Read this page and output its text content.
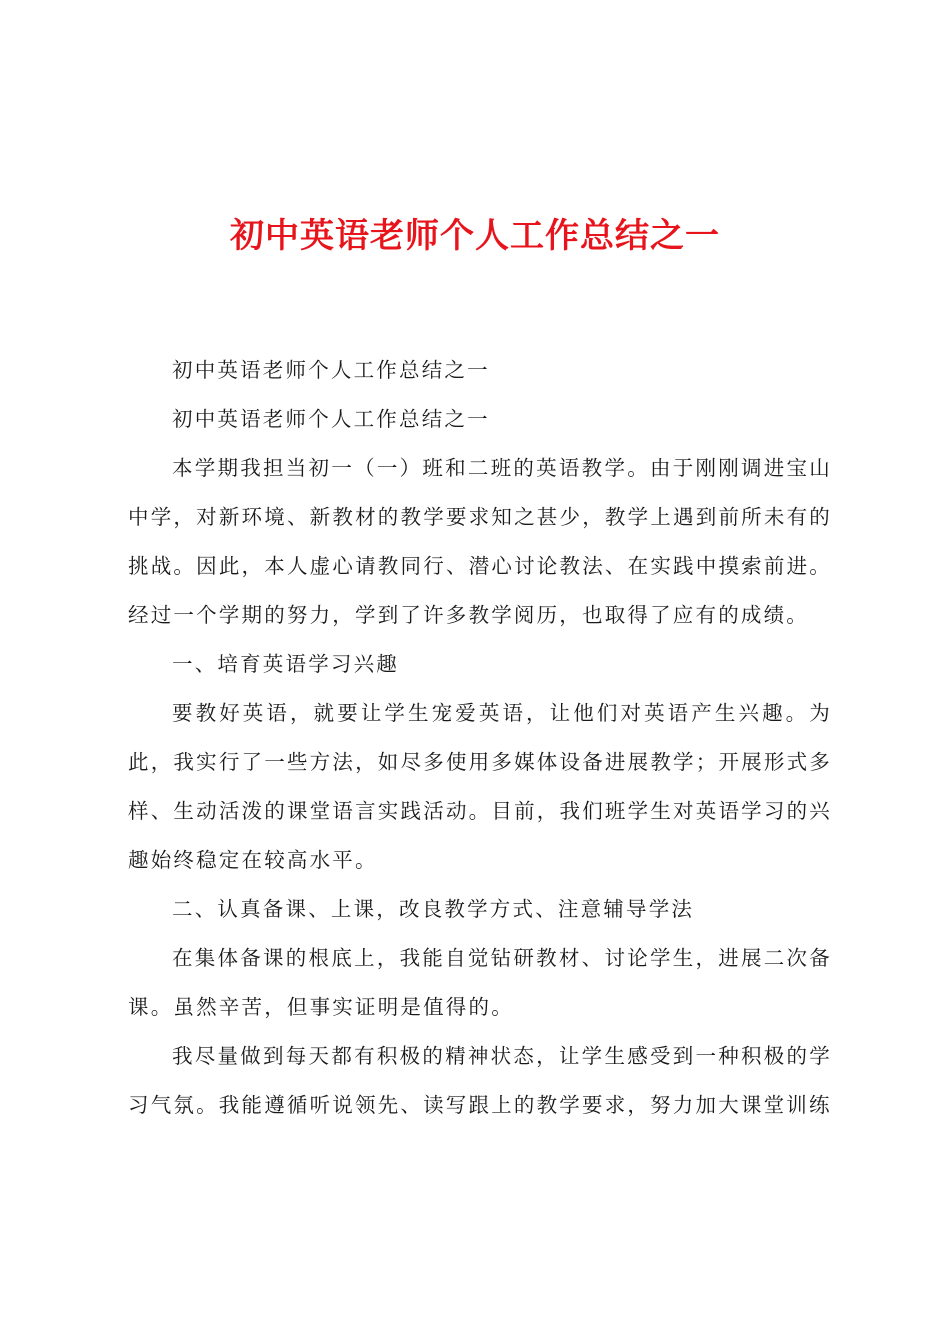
初中英语老师个人工作总结之一

初中英语老师个人工作总结之一

初中英语老师个人工作总结之一

本学期我担当初一（一）班和二班的英语教学。由于刚刚调进宝山中学，对新环境、新教材的教学要求知之甚少，教学上遇到前所未有的挑战。因此，本人虚心请教同行、潜心讨论教法、在实践中摸索前进。经过一个学期的努力，学到了许多教学阅历，也取得了应有的成绩。

一、培育英语学习兴趣

要教好英语，就要让学生宠爱英语，让他们对英语产生兴趣。为此，我实行了一些方法，如尽多使用多媒体设备进展教学；开展形式多样、生动活泼的课堂语言实践活动。目前，我们班学生对英语学习的兴趣始终稳定在较高水平。

二、认真备课、上课，改良教学方式、注意辅导学法

在集体备课的根底上，我能自觉钻研教材、讨论学生，进展二次备课。虽然辛苦，但事实证明是值得的。

我尽量做到每天都有积极的精神状态，让学生感受到一种积极的学习气氛。我能遵循听说领先、读写跟上的教学要求，努力加大课堂训练
